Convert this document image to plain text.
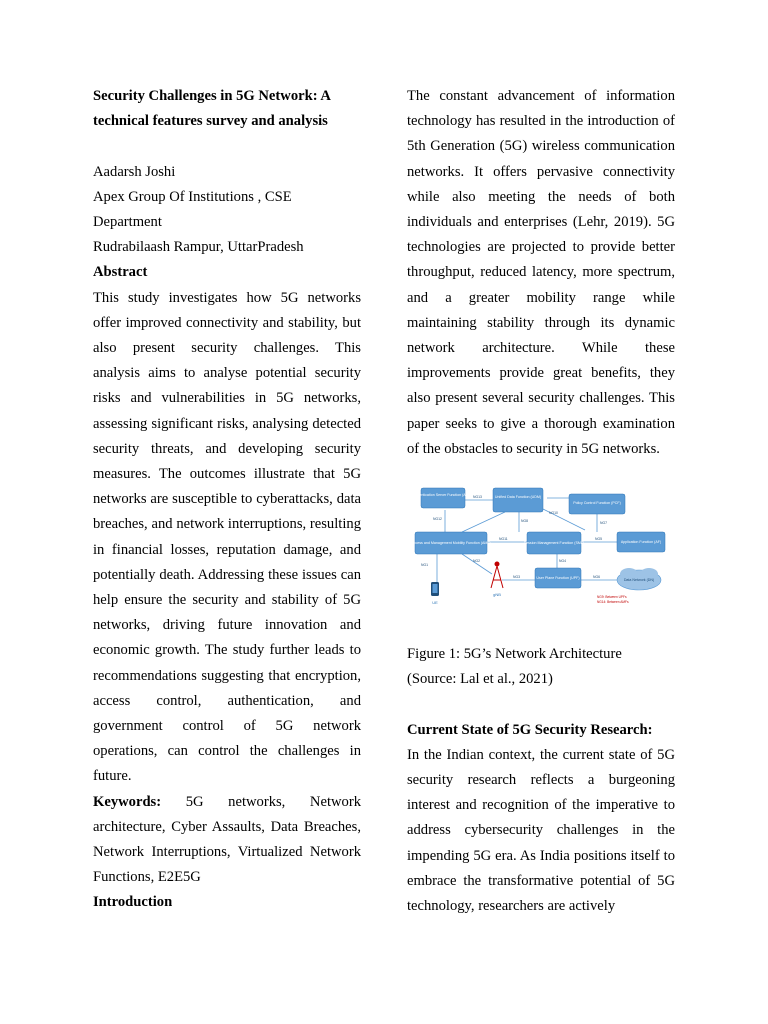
Security Challenges in 5G Network: A technical features survey and analysis

Aadarsh Joshi

Apex Group Of Institutions , CSE Department

Rudrabilaash Rampur, UttarPradesh

Abstract

This study investigates how 5G networks offer improved connectivity and stability, but also present security challenges. This analysis aims to analyse potential security risks and vulnerabilities in 5G networks, assessing significant risks, analysing detected security threats, and developing security measures. The outcomes illustrate that 5G networks are susceptible to cyberattacks, data breaches, and network interruptions, resulting in financial losses, reputation damage, and potentially death. Addressing these issues can help ensure the security and stability of 5G networks, driving future innovation and economic growth. The study further leads to recommendations suggesting that encryption, access control, authentication, and government control of 5G network operations, can control the challenges in future.

Keywords: 5G networks, Network architecture, Cyber Assaults, Data Breaches, Network Interruptions, Virtualized Network Functions, E2E5G

Introduction

The constant advancement of information technology has resulted in the introduction of 5th Generation (5G) wireless communication networks. It offers pervasive connectivity while also meeting the needs of both individuals and enterprises (Lehr, 2019). 5G technologies are projected to provide better throughput, reduced latency, more spectrum, and a greater mobility range while maintaining stability through its dynamic network architecture. While these improvements provide great benefits, they also present several security challenges. This paper seeks to give a thorough examination of the obstacles to security in 5G networks.

Authentication Server Function (AUSF)	Unified Data Function (UDM)
Policy Control Function (PCF)
Access and Management Mobility Function (AMF)	Session Management Function (SMF)	Application Function (AF)
User Plane Function (UPF)	Data Network (DN)
UE
gNB
NG13
NG8
NG12
NG10
NG7
NG11	NG5
NG1
NG2	NG4
NG3	NG6
NG9: Between UPFs
NG14: Between AMFs

Figure 1: 5G’s Network Architecture

(Source: Lal et al., 2021)

Current State of 5G Security Research:

In the Indian context, the current state of 5G security research reflects a burgeoning interest and recognition of the imperative to address cybersecurity challenges in the impending 5G era. As India positions itself to embrace the transformative potential of 5G technology, researchers are actively
